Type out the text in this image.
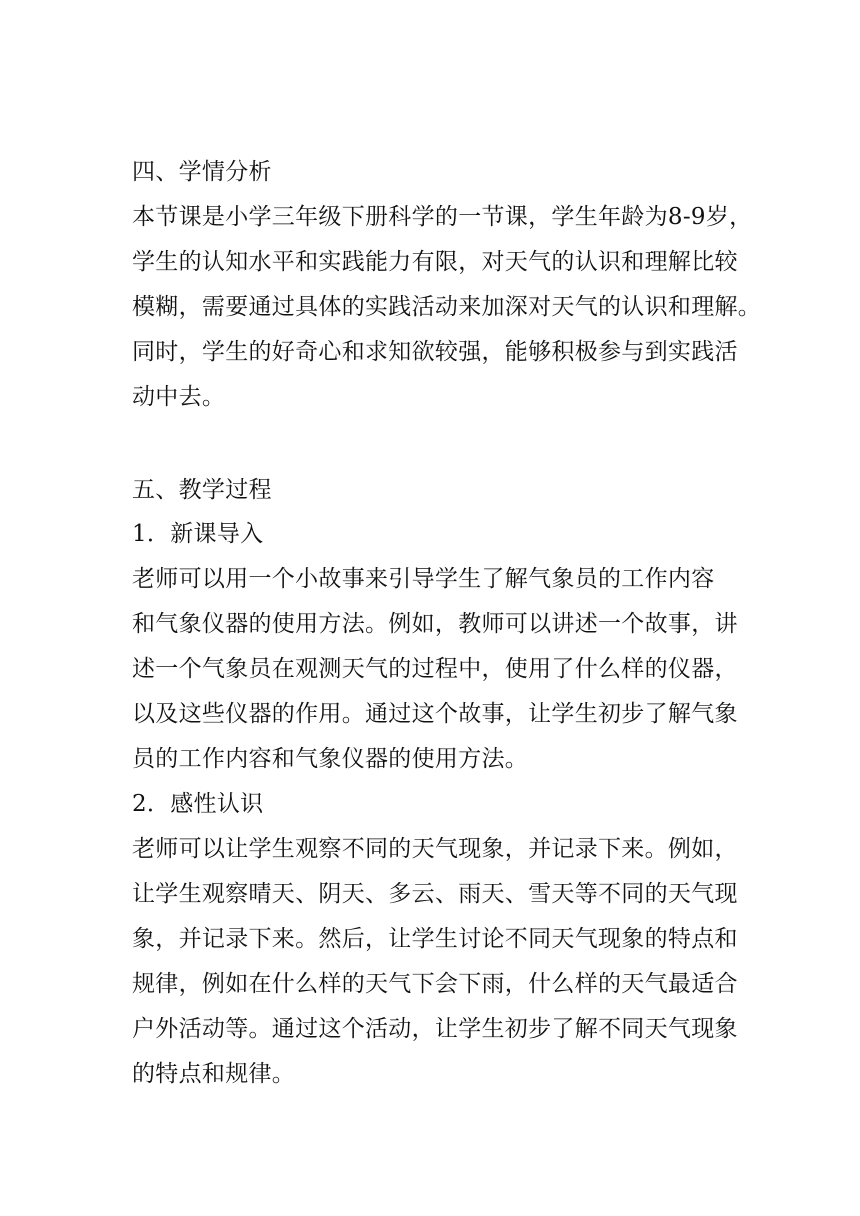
四、学情分析
本节课是小学三年级下册科学的一节课，学生年龄为8-9岁，
学生的认知水平和实践能力有限，对天气的认识和理解比较
模糊，需要通过具体的实践活动来加深对天气的认识和理解。
同时，学生的好奇心和求知欲较强，能够积极参与到实践活
动中去。
五、教学过程
1．新课导入
老师可以用一个小故事来引导学生了解气象员的工作内容
和气象仪器的使用方法。例如，教师可以讲述一个故事，讲
述一个气象员在观测天气的过程中，使用了什么样的仪器，
以及这些仪器的作用。通过这个故事，让学生初步了解气象
员的工作内容和气象仪器的使用方法。
2．感性认识
老师可以让学生观察不同的天气现象，并记录下来。例如，
让学生观察晴天、阴天、多云、雨天、雪天等不同的天气现
象，并记录下来。然后，让学生讨论不同天气现象的特点和
规律，例如在什么样的天气下会下雨，什么样的天气最适合
户外活动等。通过这个活动，让学生初步了解不同天气现象
的特点和规律。
